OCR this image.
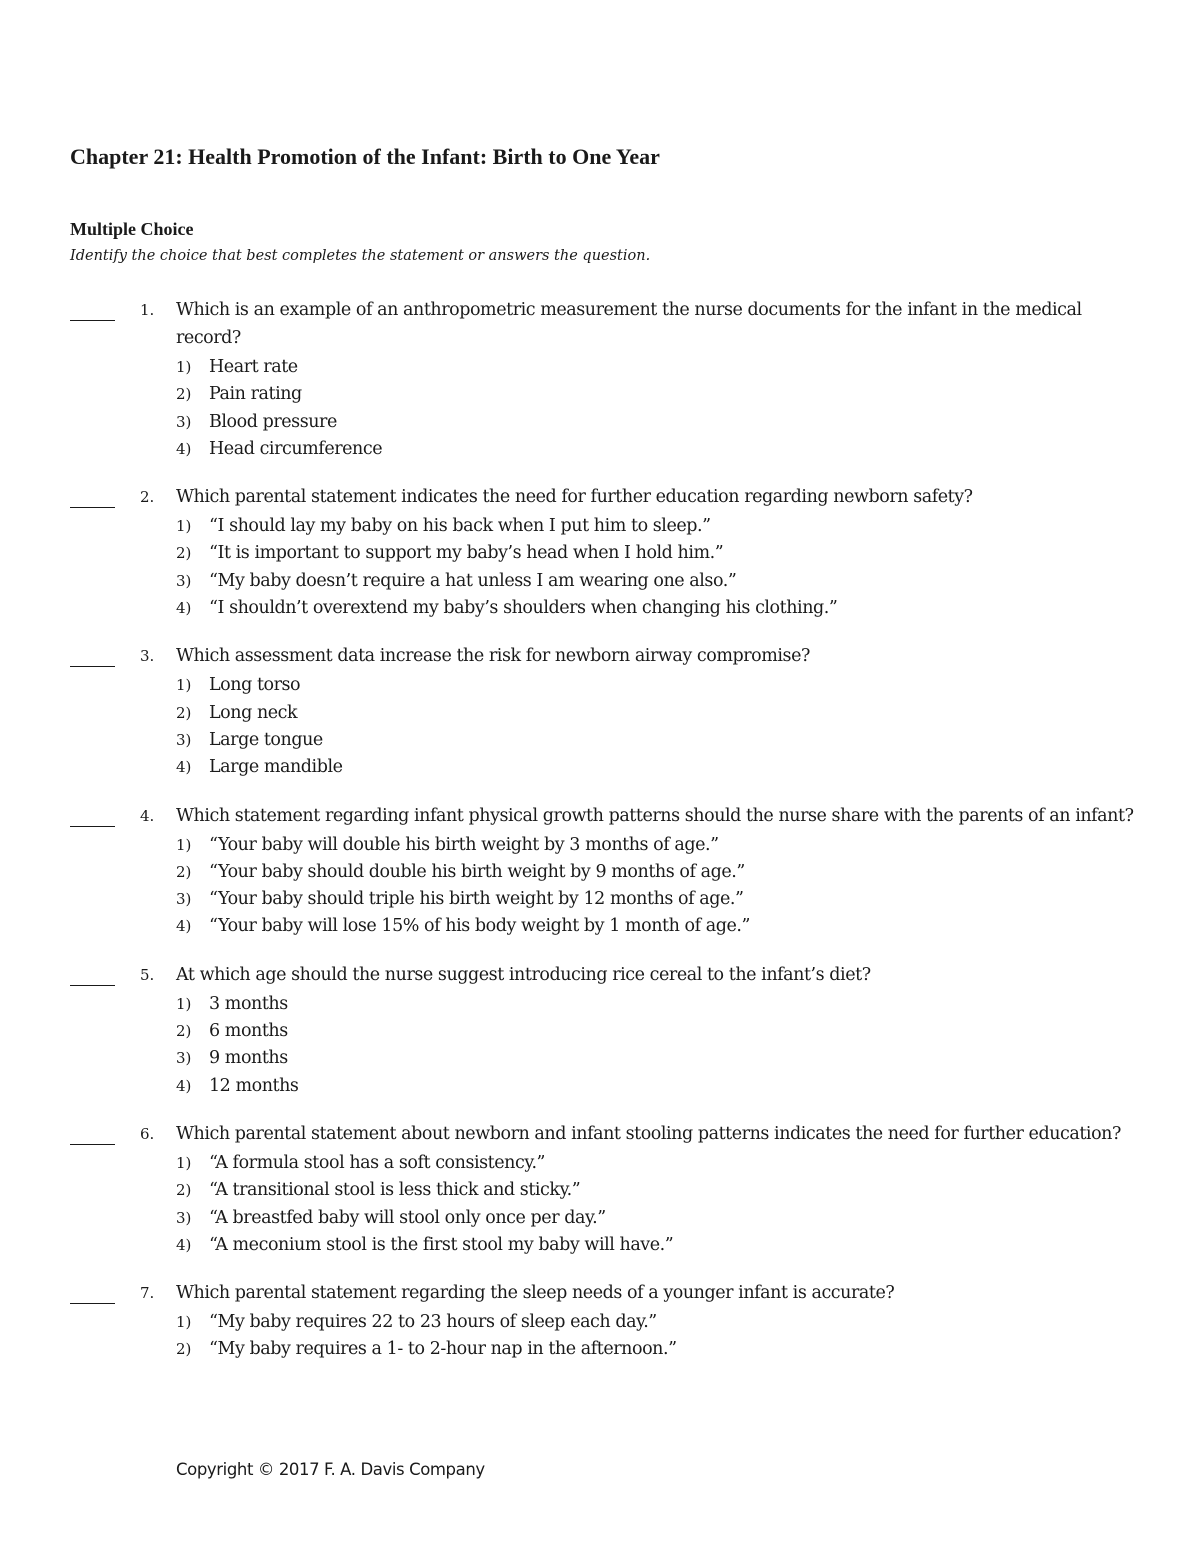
Chapter 21: Health Promotion of the Infant: Birth to One Year
Multiple Choice

Identify the choice that best completes the statement or answers the question.

1. Which is an example of an anthropometric measurement the nurse documents for the infant in the medical record?

1) Heart rate
2) Pain rating
3) Blood pressure
4) Head circumference
2. Which parental statement indicates the need for further education regarding newborn safety?

1) “I should lay my baby on his back when I put him to sleep.”
2) “It is important to support my baby’s head when I hold him.”
3) “My baby doesn’t require a hat unless I am wearing one also.”
4) “I shouldn’t overextend my baby’s shoulders when changing his clothing.”
3. Which assessment data increase the risk for newborn airway compromise?

1) Long torso
2) Long neck
3) Large tongue
4) Large mandible
4. Which statement regarding infant physical growth patterns should the nurse share with the parents of an infant?

1) “Your baby will double his birth weight by 3 months of age.”
2) “Your baby should double his birth weight by 9 months of age.”
3) “Your baby should triple his birth weight by 12 months of age.”
4) “Your baby will lose 15% of his body weight by 1 month of age.”
5. At which age should the nurse suggest introducing rice cereal to the infant’s diet?

1) 3 months
2) 6 months
3) 9 months
4) 12 months
6. Which parental statement about newborn and infant stooling patterns indicates the need for further education?

1) “A formula stool has a soft consistency.”
2) “A transitional stool is less thick and sticky.”
3) “A breastfed baby will stool only once per day.”
4) “A meconium stool is the first stool my baby will have.”
7. Which parental statement regarding the sleep needs of a younger infant is accurate?

1) “My baby requires 22 to 23 hours of sleep each day.”
2) “My baby requires a 1- to 2-hour nap in the afternoon.”

Copyright © 2017 F. A. Davis Company
